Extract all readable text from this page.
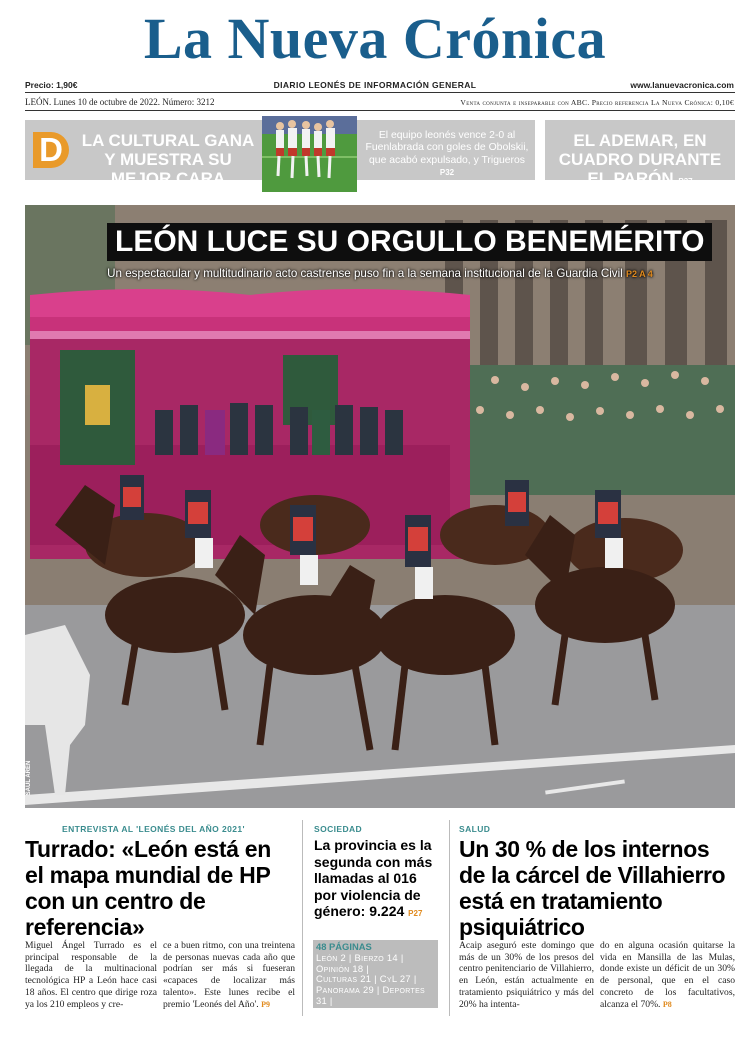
La Nueva Crónica
Precio: 1,90€	DIARIO LEONÉS DE INFORMACIÓN GENERAL	www.lanuevacronica.com
LEÓN. Lunes 10 de octubre de 2022. Número: 3212	Venta conjunta e inseparable con ABC. Precio referencia La Nueva Crónica: 0,10€
D	LA CULTURAL GANA Y MUESTRA SU MEJOR CARA
El equipo leonés vence 2-0 al Fuenlabrada con goles de Obolskii, que acabó expulsado, y Trigueros P32
EL ADEMAR, EN CUADRO DURANTE EL PARÓN P37
LEÓN LUCE SU ORGULLO BENEMÉRITO
Un espectacular y multitudinario acto castrense puso fin a la semana institucional de la Guardia Civil P2 A 4
SAÚL ARÉN
ENTREVISTA AL 'LEONÉS DEL AÑO 2021'
Turrado: «León está en el mapa mundial de HP con un centro de referencia»
Miguel Ángel Turrado es el principal responsable de la llegada de la multinacional tecnológica HP a León hace casi 18 años. El centro que dirige roza ya los 210 empleos y cre-
ce a buen ritmo, con una treintena de personas nuevas cada año que podrían ser más si fueseran «capaces de localizar más talento». Este lunes recibe el premio 'Leonés del Año'. P9
SOCIEDAD
La provincia es la segunda con más llamadas al 016 por violencia de género: 9.224 P27
48 PÁGINAS
León 2 | Bierzo 14 | Opinión 18 |
Culturas 21 | CyL 27 |
Panorama 29 | Deportes 31 |
Servicios 39 | Tiempo 43 |
Cines 45 | Televisión 46 |
A la contra 48
SALUD
Un 30 % de los internos de la cárcel de Villahierro está en tratamiento psiquiátrico
Acaip aseguró este domingo que más de un 30% de los presos del centro penitenciario de Villahierro, en León, están actualmente en tratamiento psiquiátrico y más del 20% ha intenta-
do en alguna ocasión quitarse la vida en Mansilla de las Mulas, donde existe un déficit de un 30% de personal, que en el caso concreto de los facultativos, alcanza el 70%. P8
